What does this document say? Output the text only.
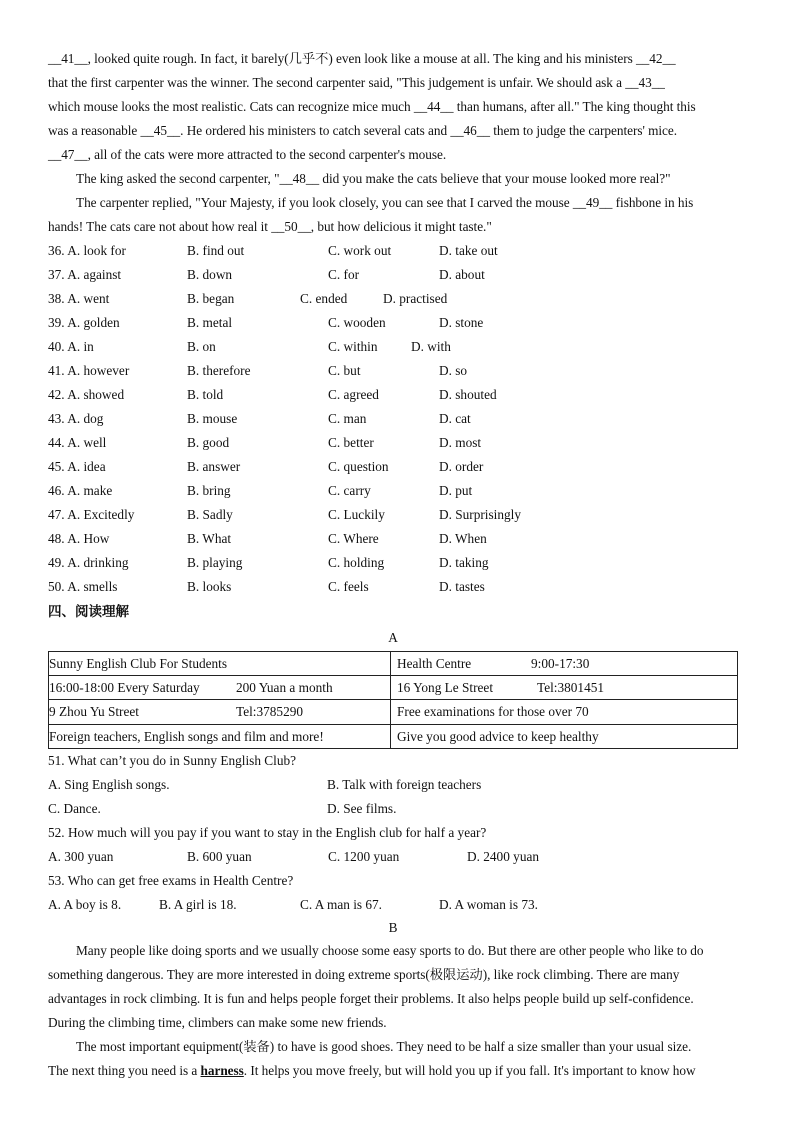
__41__, looked quite rough. In fact, it barely(几乎不) even look like a mouse at all. The king and his ministers __42__
that the first carpenter was the winner. The second carpenter said, "This judgement is unfair. We should ask a __43__
which mouse looks the most realistic. Cats can recognize mice much __44__ than humans, after all." The king thought this
was a reasonable __45__. He ordered his ministers to catch several cats and __46__ them to judge the carpenters' mice.
__47__, all of the cats were more attracted to the second carpenter's mouse.

The king asked the second carpenter, "__48__ did you make the cats believe that your mouse looked more real?"

The carpenter replied, "Your Majesty, if you look closely, you can see that I carved the mouse __49__ fishbone in his
hands! The cats care not about how real it __50__, but how delicious it might taste."

36. A. look for	B. find out	C. work out	D. take out
37. A. against	B. down	C. for	D. about
38. A. went	B. began	C. ended	D. practised
39. A. golden	B. metal	C. wooden	D. stone
40. A. in	B. on	C. within	D. with
41. A. however	B. therefore	C. but	D. so
42. A. showed	B. told	C. agreed	D. shouted
43. A. dog	B. mouse	C. man	D. cat
44. A. well	B. good	C. better	D. most
45. A. idea	B. answer	C. question	D. order
46. A. make	B. bring	C. carry	D. put
47. A. Excitedly	B. Sadly	C. Luckily	D. Surprisingly
48. A. How	B. What	C. Where	D. When
49. A. drinking	B. playing	C. holding	D. taking
50. A. smells	B. looks	C. feels	D. tastes
四、阅读理解
A
Sunny English Club For Students	Health Centre 9:00-17:30

16:00-18:00 Every Saturday 200 Yuan a month	16 Yong Le Street Tel:3801451

9 Zhou Yu Street Tel:3785290	Free examinations for those over 70

Foreign teachers, English songs and film and more!	Give you good advice to keep healthy
51. What can’t you do in Sunny English Club?
A. Sing English songs.	B. Talk with foreign teachers
C. Dance.	D. See films.
52. How much will you pay if you want to stay in the English club for half a year?
A. 300 yuan	B. 600 yuan	C. 1200 yuan	D. 2400 yuan
53. Who can get free exams in Health Centre?
A. A boy is 8.	B. A girl is 18.	C. A man is 67.	D. A woman is 73.
B

Many people like doing sports and we usually choose some easy sports to do. But there are other people who like to do
something dangerous. They are more interested in doing extreme sports(极限运动), like rock climbing. There are many
advantages in rock climbing. It is fun and helps people forget their problems. It also helps people build up self-confidence.
During the climbing time, climbers can make some new friends.

The most important equipment(装备) to have is good shoes. They need to be half a size smaller than your usual size.
The next thing you need is a harness. It helps you move freely, but will hold you up if you fall. It's important to know how
